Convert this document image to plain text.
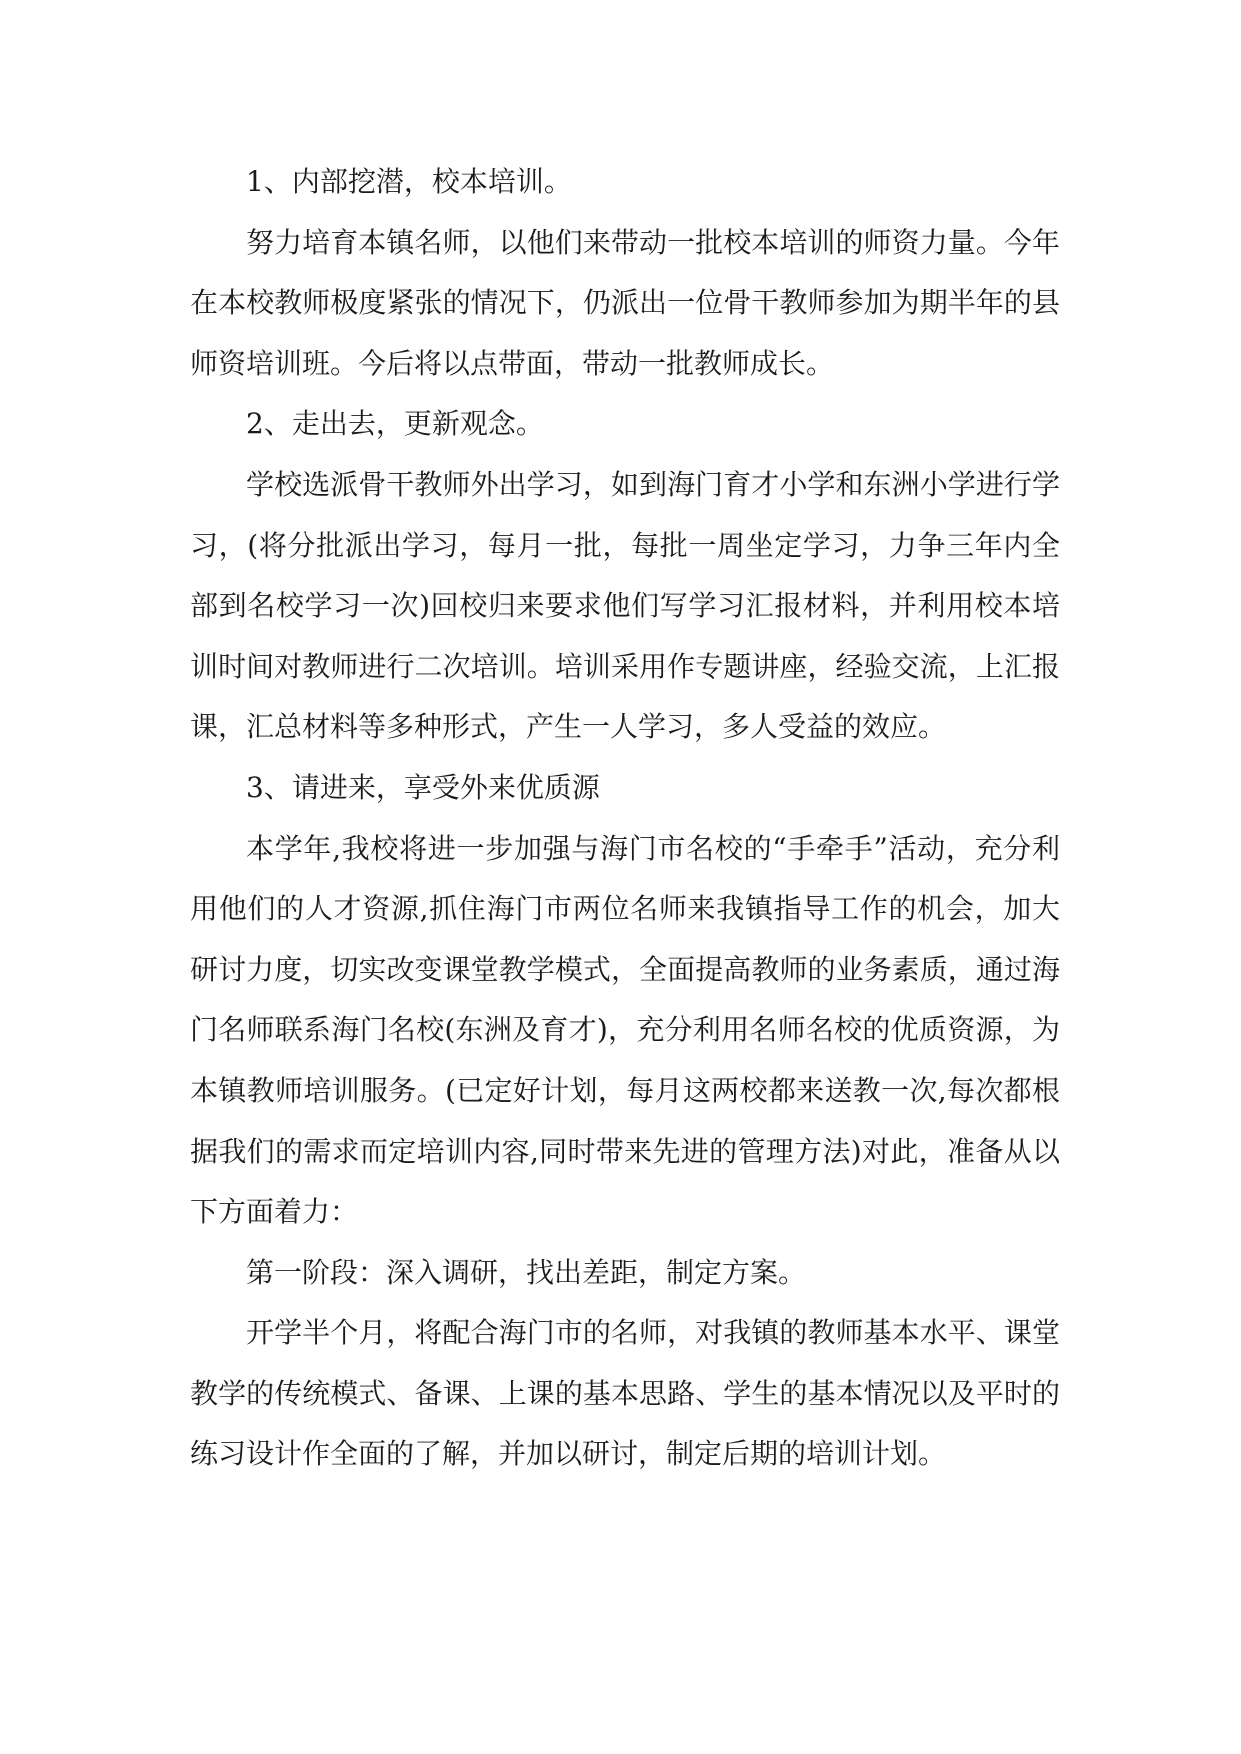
1、内部挖潜，校本培训。

努力培育本镇名师，以他们来带动一批校本培训的师资力量。今年在本校教师极度紧张的情况下，仍派出一位骨干教师参加为期半年的县师资培训班。今后将以点带面，带动一批教师成长。

2、走出去，更新观念。

学校选派骨干教师外出学习，如到海门育才小学和东洲小学进行学习，(将分批派出学习，每月一批，每批一周坐定学习，力争三年内全部到名校学习一次)回校归来要求他们写学习汇报材料，并利用校本培训时间对教师进行二次培训。培训采用作专题讲座，经验交流，上汇报课，汇总材料等多种形式，产生一人学习，多人受益的效应。

3、请进来，享受外来优质源

本学年,我校将进一步加强与海门市名校的“手牵手”活动，充分利用他们的人才资源,抓住海门市两位名师来我镇指导工作的机会，加大研讨力度，切实改变课堂教学模式，全面提高教师的业务素质，通过海门名师联系海门名校(东洲及育才)，充分利用名师名校的优质资源，为本镇教师培训服务。(已定好计划，每月这两校都来送教一次,每次都根据我们的需求而定培训内容,同时带来先进的管理方法)对此，准备从以下方面着力：

第一阶段：深入调研，找出差距，制定方案。

开学半个月，将配合海门市的名师，对我镇的教师基本水平、课堂教学的传统模式、备课、上课的基本思路、学生的基本情况以及平时的练习设计作全面的了解，并加以研讨，制定后期的培训计划。
